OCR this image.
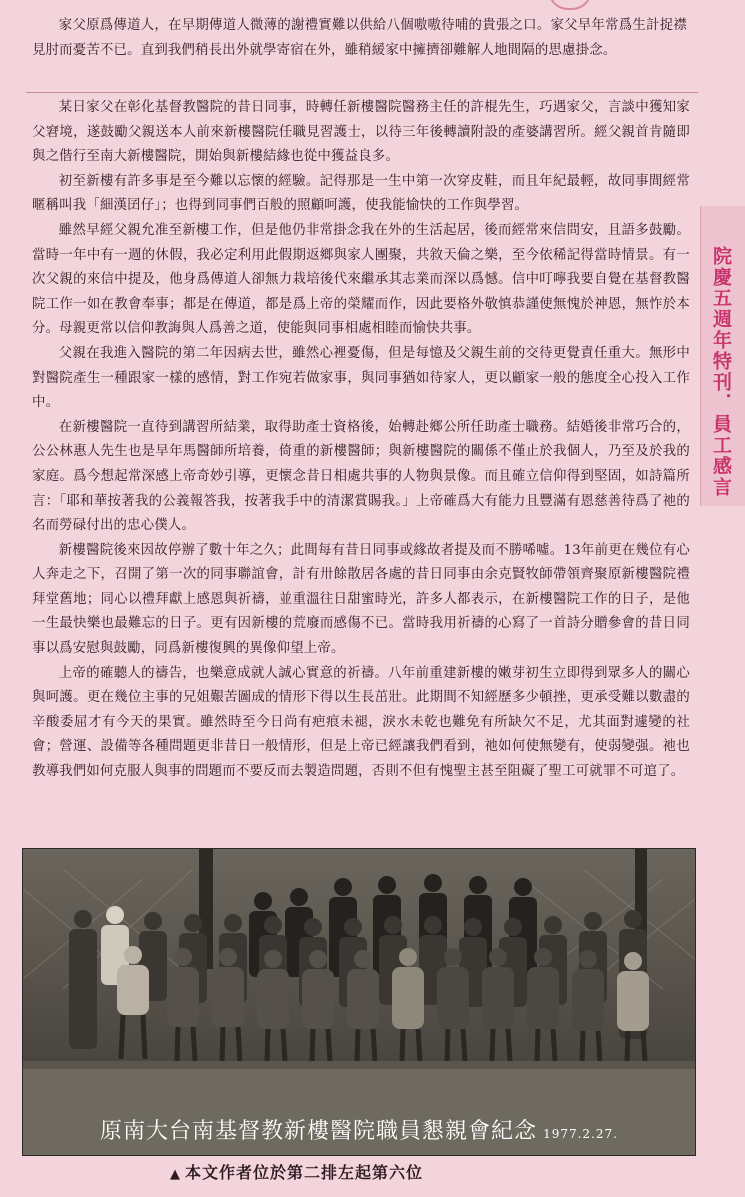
家父原爲傳道人，在早期傳道人微薄的謝禮實難以供給八個嗷嗷待哺的貴張之口。家父早年常爲生計捉襟見肘而憂苦不已。直到我們稍長出外就學寄宿在外，雖稍緩家中擁擠卻難解人地間隔的思慮掛念。

某日家父在彰化基督教醫院的昔日同事，時轉任新樓醫院醫務主任的許棍先生，巧遇家父，言談中獲知家父窘境，遂鼓勵父親送本人前來新樓醫院任職見習護士，以待三年後轉讀附設的產婆講習所。經父親首肯隨即與之偕行至南大新樓醫院，開始與新樓結緣也從中獲益良多。

初至新樓有許多事是至今難以忘懷的經驗。記得那是一生中第一次穿皮鞋，而且年紀最輕，故同事間經常暱稱叫我「細漢囝仔」；也得到同事們百般的照顧呵護，使我能愉快的工作與學習。

雖然早經父親允准至新樓工作，但是他仍非常掛念我在外的生活起居，後而經常來信問安，且語多鼓勵。當時一年中有一週的休假，我必定利用此假期返鄉與家人團聚，共敘天倫之樂，至今依稀記得當時情景。有一次父親的來信中提及，他身爲傳道人卻無力栽培後代來繼承其志業而深以爲憾。信中叮嚀我要自覺在基督教醫院工作一如在教會奉事；都是在傳道，都是爲上帝的榮耀而作，因此要格外敬慎恭謹使無愧於神恩，無怍於本分。母親更常以信仰教誨與人爲善之道，使能與同事相處相睦而愉快共事。

父親在我進入醫院的第二年因病去世，雖然心裡憂傷，但是每憶及父親生前的交待更覺責任重大。無形中對醫院產生一種跟家一樣的感情，對工作宛若做家事，與同事猶如待家人，更以顧家一般的態度全心投入工作中。

在新樓醫院一直待到講習所結業，取得助產士資格後，始轉赴鄉公所任助產士職務。結婚後非常巧合的，公公林惠人先生也是早年馬醫師所培養，倚重的新樓醫師；與新樓醫院的關係不僅止於我個人，乃至及於我的家庭。爲今想起常深感上帝奇妙引導，更懷念昔日相處共事的人物與景像。而且確立信仰得到堅固，如詩篇所言：「耶和華按著我的公義報答我，按著我手中的清潔賞賜我。」上帝確爲大有能力且豐滿有恩慈善待爲了祂的名而勞碌付出的忠心僕人。

新樓醫院後來因故停辦了數十年之久；此間每有昔日同事或緣故者提及而不勝唏噓。13年前更在幾位有心人奔走之下，召開了第一次的同事聯誼會，計有卅餘散居各處的昔日同事由余克賢牧師帶領齊聚原新樓醫院禮拜堂舊地；同心以禮拜獻上感恩與祈禱，並重溫往日甜蜜時光，許多人都表示，在新樓醫院工作的日子，是他一生最快樂也最難忘的日子。更有因新樓的荒廢而感傷不已。當時我用祈禱的心寫了一首詩分贈參會的昔日同事以爲安慰與鼓勵，同爲新樓復興的異像仰望上帝。

上帝的確聽人的禱告，也樂意成就人誠心實意的祈禱。八年前重建新樓的嫩芽初生立即得到眾多人的關心與呵護。更在幾位主事的兄姐艱苦圖成的情形下得以生長茁壯。此期間不知經歷多少頓挫，更承受難以數盡的辛酸委屈才有今天的果實。雖然時至今日尚有疤痕未褪，淚水未乾也難免有所缺欠不足，尤其面對遽變的社會；營運、設備等各種問題更非昔日一般情形，但是上帝已經讓我們看到，祂如何使無變有，使弱變强。祂也教導我們如何克服人與事的問題而不要反而去製造問題，否則不但有愧聖主甚至阻礙了聖工可就罪不可逭了。

院慶五週年特刊．員工感言
原南大台南基督教新樓醫院職員懇親會紀念 1977.2.27.
▲ 本文作者位於第二排左起第六位
